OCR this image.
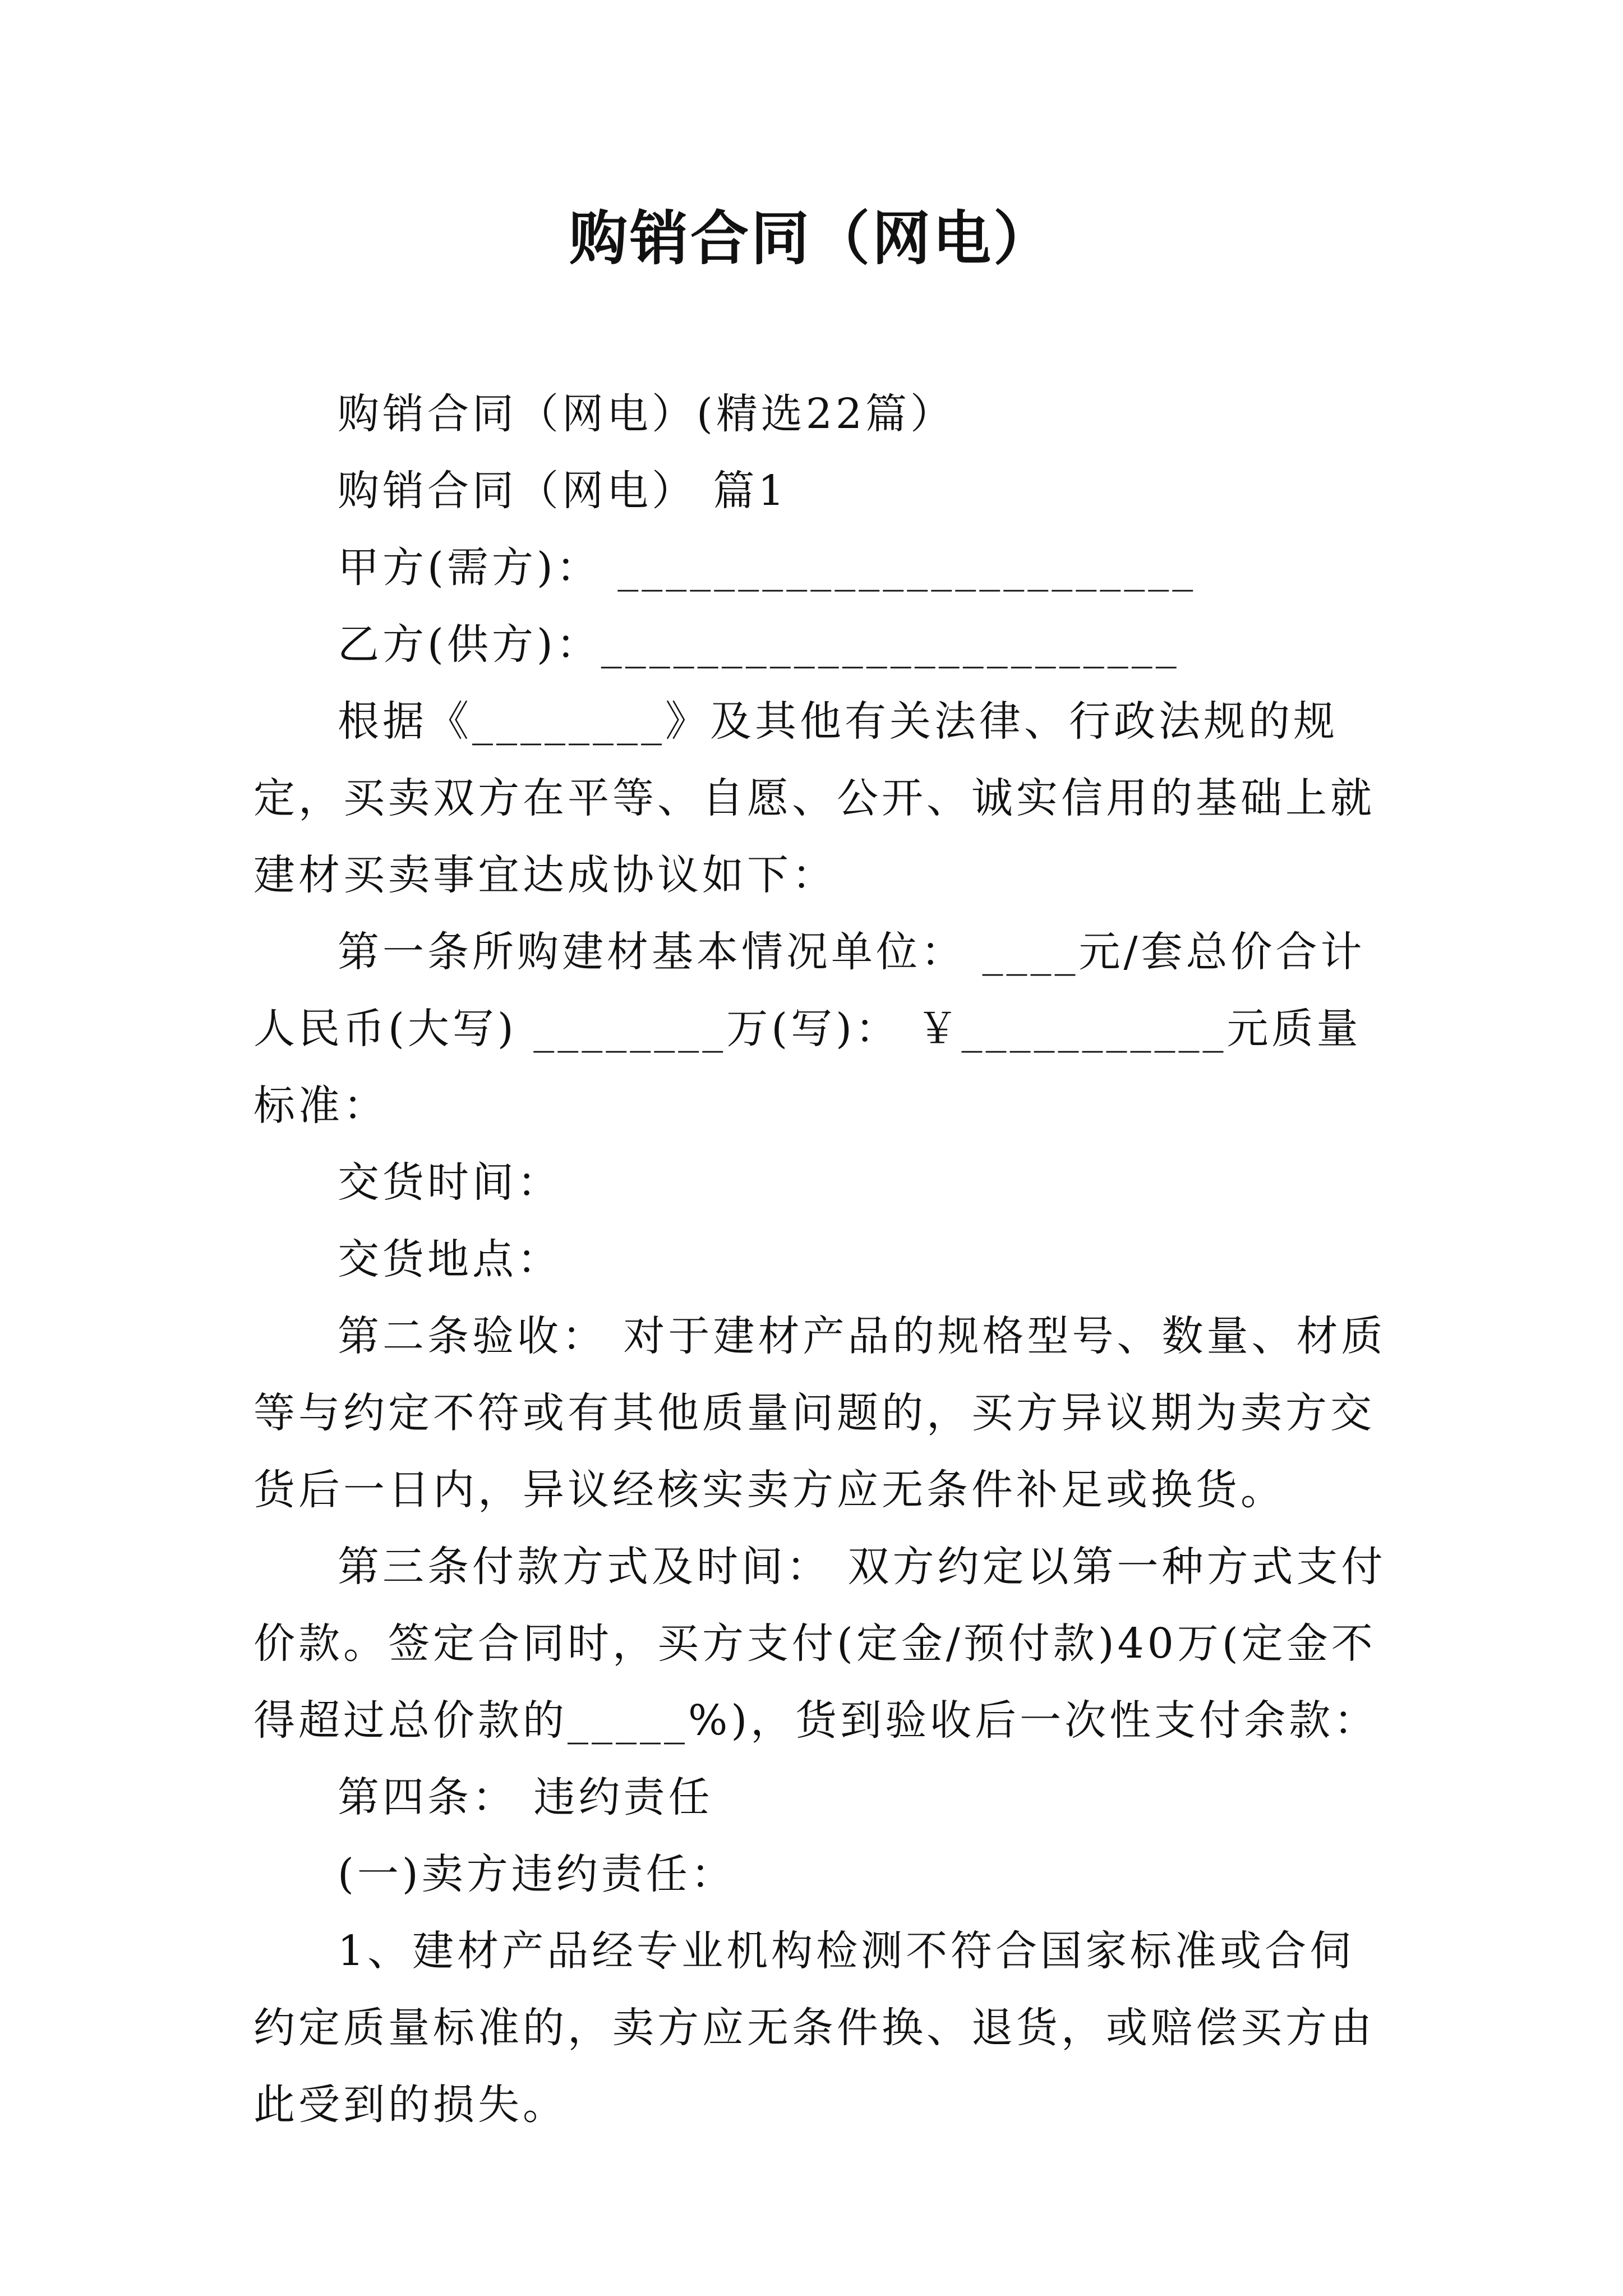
购销合同（网电）

购销合同（网电）(精选22篇）

购销合同（网电） 篇1

甲方(需方)： ________________________

乙方(供方)：________________________

根据《________》及其他有关法律、行政法规的规定，买卖双方在平等、自愿、公开、诚实信用的基础上就建材买卖事宜达成协议如下：

第一条所购建材基本情况单位： ____元/套总价合计人民币(大写) ________万(写)： ￥___________元质量标准：

交货时间：

交货地点：

第二条验收： 对于建材产品的规格型号、数量、材质等与约定不符或有其他质量问题的，买方异议期为卖方交货后一日内，异议经核实卖方应无条件补足或换货。

第三条付款方式及时间： 双方约定以第一种方式支付价款。签定合同时，买方支付(定金/预付款)40万(定金不得超过总价款的_____%)，货到验收后一次性支付余款：

第四条： 违约责任

(一)卖方违约责任：

1、建材产品经专业机构检测不符合国家标准或合伺约定质量标准的，卖方应无条件换、退货，或赔偿买方由此受到的损失。
